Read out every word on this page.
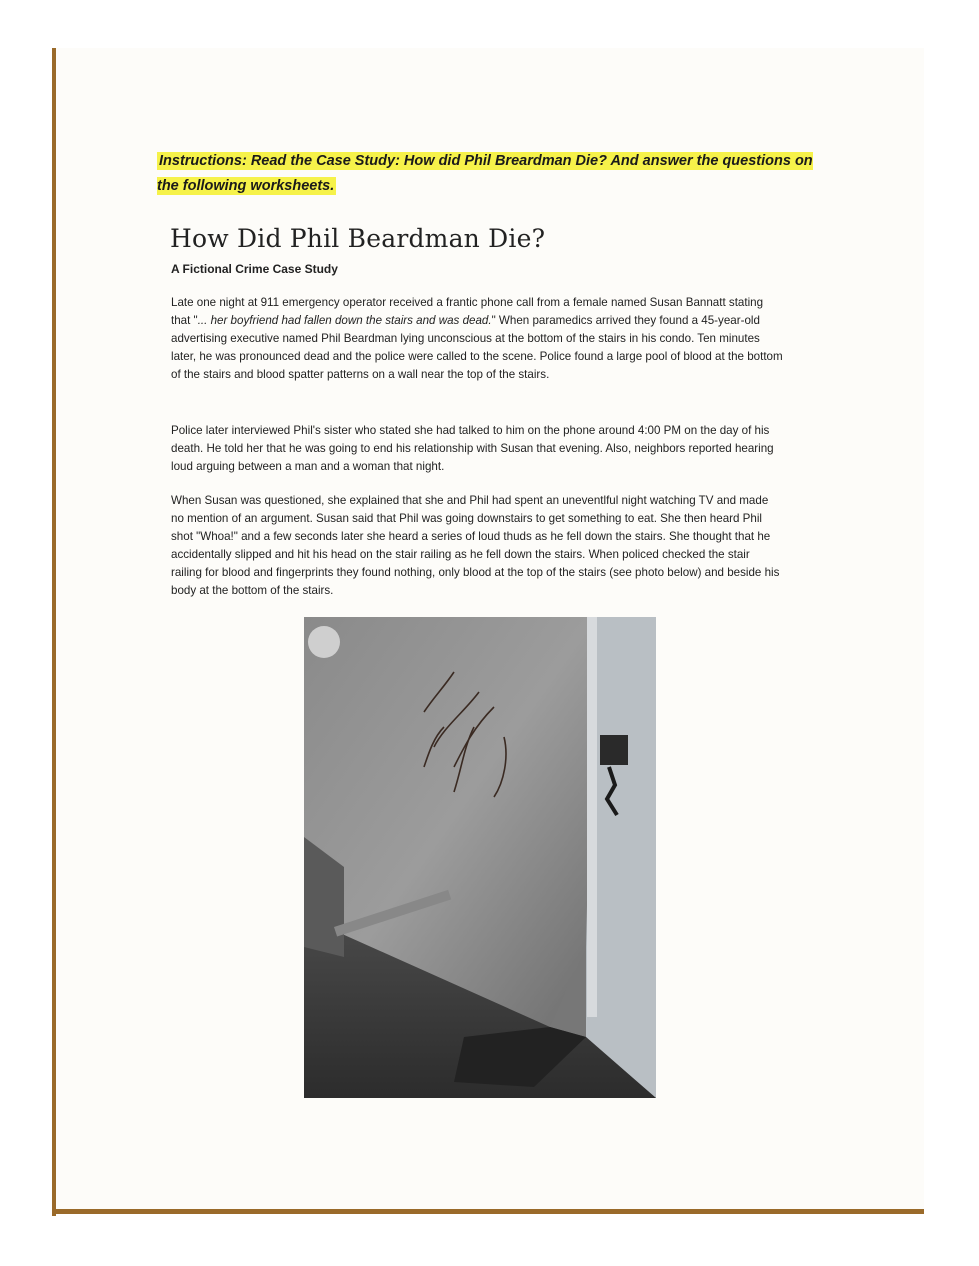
Instructions: Read the Case Study: How did Phil Breardman Die? And answer the questions on the following worksheets.
How Did Phil Beardman Die?
A Fictional Crime Case Study

Late one night at 911 emergency operator received a frantic phone call from a female named Susan Bannatt stating that "... her boyfriend had fallen down the stairs and was dead." When paramedics arrived they found a 45-year-old advertising executive named Phil Beardman lying unconscious at the bottom of the stairs in his condo. Ten minutes later, he was pronounced dead and the police were called to the scene. Police found a large pool of blood at the bottom of the stairs and blood spatter patterns on a wall near the top of the stairs.

Police later interviewed Phil's sister who stated she had talked to him on the phone around 4:00 PM on the day of his death. He told her that he was going to end his relationship with Susan that evening. Also, neighbors reported hearing loud arguing between a man and a woman that night.

When Susan was questioned, she explained that she and Phil had spent an uneventlful night watching TV and made no mention of an argument. Susan said that Phil was going downstairs to get something to eat. She then heard Phil shot "Whoa!" and a few seconds later she heard a series of loud thuds as he fell down the stairs. She thought that he accidentally slipped and hit his head on the stair railing as he fell down the stairs. When policed checked the stair railing for blood and fingerprints they found nothing, only blood at the top of the stairs (see photo below) and beside his body at the bottom of the stairs.
